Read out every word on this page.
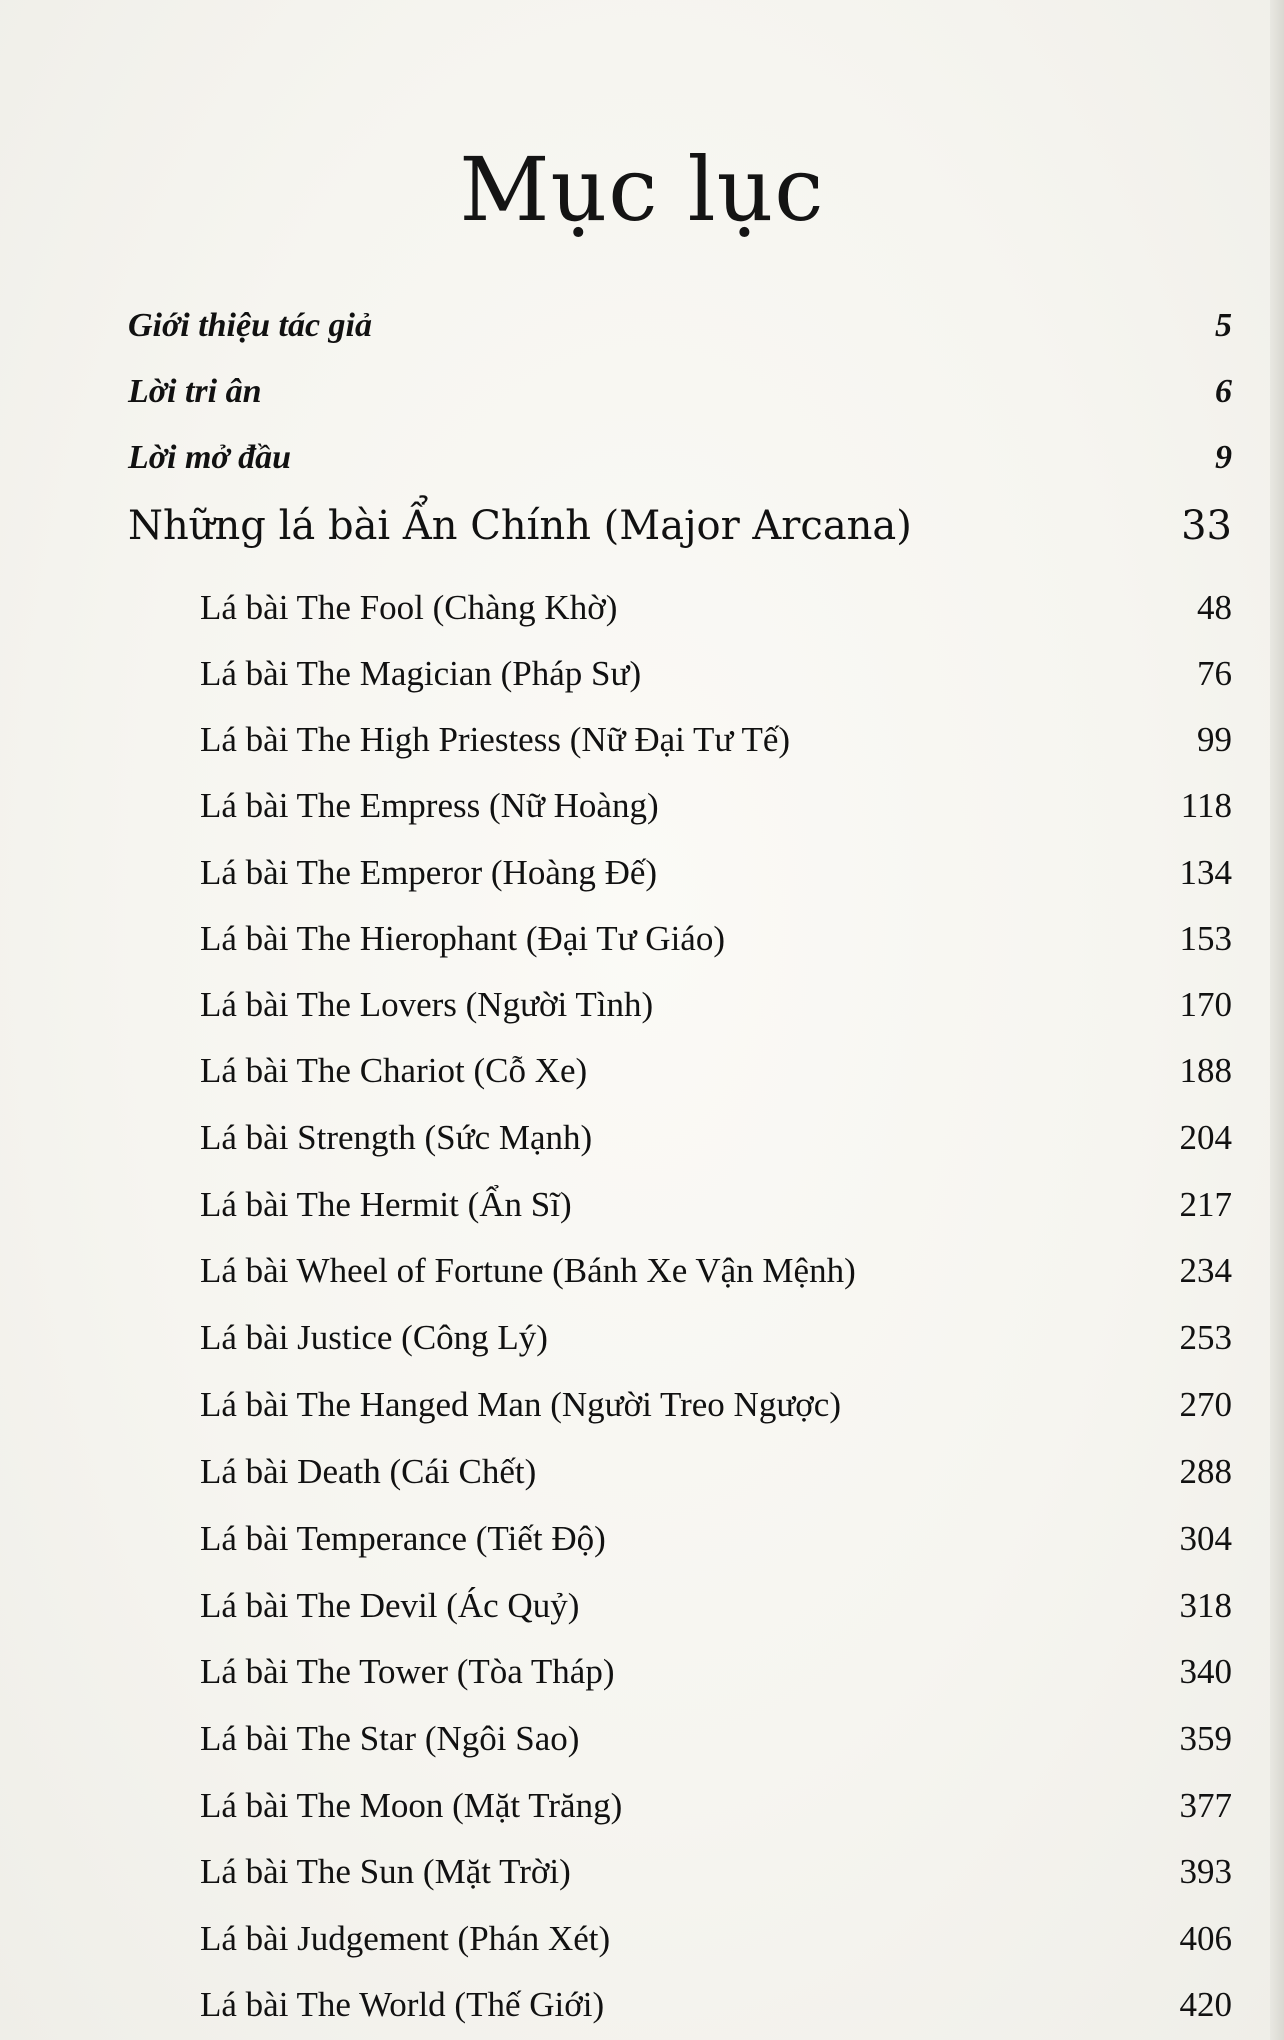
Mục lục
Giới thiệu tác giả	5
Lời tri ân	6
Lời mở đầu	9
Những lá bài Ẩn Chính (Major Arcana)	33
Lá bài The Fool (Chàng Khờ)	48
Lá bài The Magician (Pháp Sư)	76
Lá bài The High Priestess (Nữ Đại Tư Tế)	99
Lá bài The Empress (Nữ Hoàng)	118
Lá bài The Emperor (Hoàng Đế)	134
Lá bài The Hierophant (Đại Tư Giáo)	153
Lá bài The Lovers (Người Tình)	170
Lá bài The Chariot (Cỗ Xe)	188
Lá bài Strength (Sức Mạnh)	204
Lá bài The Hermit (Ẩn Sĩ)	217
Lá bài Wheel of Fortune (Bánh Xe Vận Mệnh)	234
Lá bài Justice (Công Lý)	253
Lá bài The Hanged Man (Người Treo Ngược)	270
Lá bài Death (Cái Chết)	288
Lá bài Temperance (Tiết Độ)	304
Lá bài The Devil (Ác Quỷ)	318
Lá bài The Tower (Tòa Tháp)	340
Lá bài The Star (Ngôi Sao)	359
Lá bài The Moon (Mặt Trăng)	377
Lá bài The Sun (Mặt Trời)	393
Lá bài Judgement (Phán Xét)	406
Lá bài The World (Thế Giới)	420
